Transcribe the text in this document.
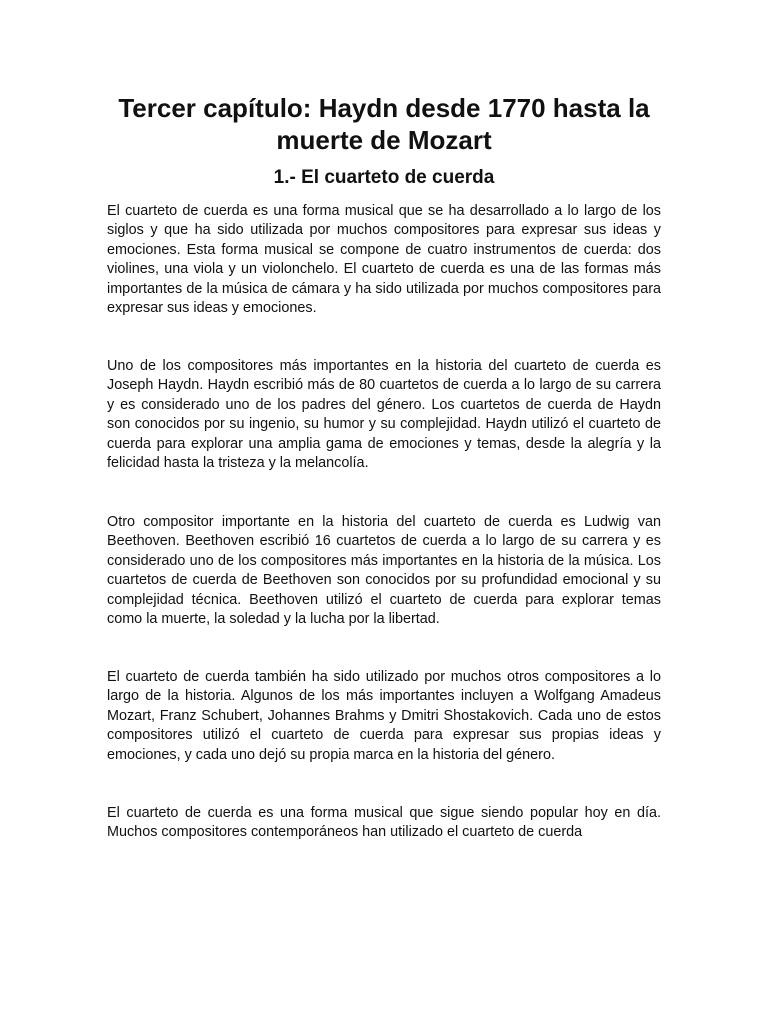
Tercer capítulo: Haydn desde 1770 hasta la muerte de Mozart
1.- El cuarteto de cuerda

El cuarteto de cuerda es una forma musical que se ha desarrollado a lo largo de los siglos y que ha sido utilizada por muchos compositores para expresar sus ideas y emociones. Esta forma musical se compone de cuatro instrumentos de cuerda: dos violines, una viola y un violonchelo. El cuarteto de cuerda es una de las formas más importantes de la música de cámara y ha sido utilizada por muchos compositores para expresar sus ideas y emociones.

Uno de los compositores más importantes en la historia del cuarteto de cuerda es Joseph Haydn. Haydn escribió más de 80 cuartetos de cuerda a lo largo de su carrera y es considerado uno de los padres del género. Los cuartetos de cuerda de Haydn son conocidos por su ingenio, su humor y su complejidad. Haydn utilizó el cuarteto de cuerda para explorar una amplia gama de emociones y temas, desde la alegría y la felicidad hasta la tristeza y la melancolía.

Otro compositor importante en la historia del cuarteto de cuerda es Ludwig van Beethoven. Beethoven escribió 16 cuartetos de cuerda a lo largo de su carrera y es considerado uno de los compositores más importantes en la historia de la música. Los cuartetos de cuerda de Beethoven son conocidos por su profundidad emocional y su complejidad técnica. Beethoven utilizó el cuarteto de cuerda para explorar temas como la muerte, la soledad y la lucha por la libertad.

El cuarteto de cuerda también ha sido utilizado por muchos otros compositores a lo largo de la historia. Algunos de los más importantes incluyen a Wolfgang Amadeus Mozart, Franz Schubert, Johannes Brahms y Dmitri Shostakovich. Cada uno de estos compositores utilizó el cuarteto de cuerda para expresar sus propias ideas y emociones, y cada uno dejó su propia marca en la historia del género.

El cuarteto de cuerda es una forma musical que sigue siendo popular hoy en día. Muchos compositores contemporáneos han utilizado el cuarteto de cuerda
